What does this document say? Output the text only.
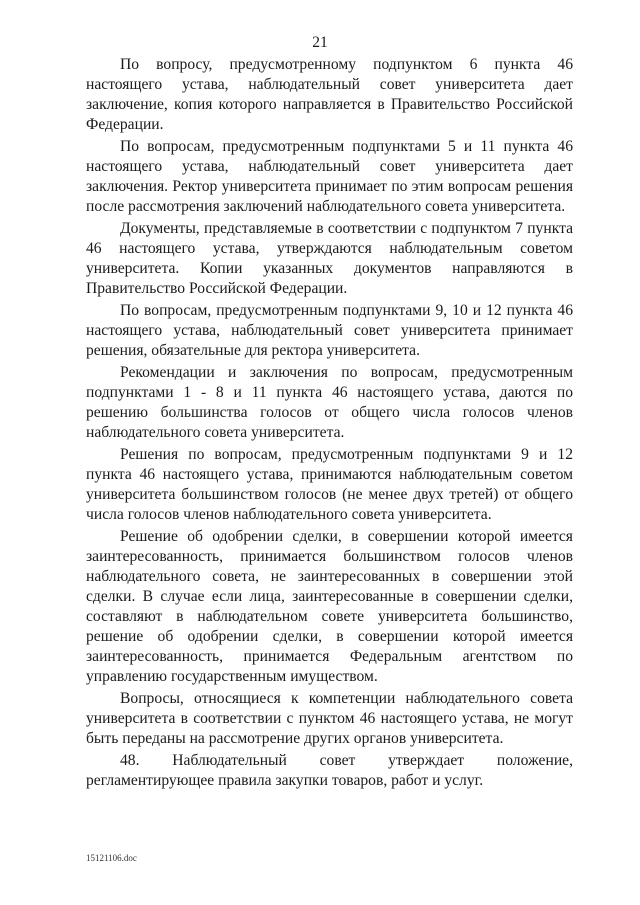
21

По вопросу, предусмотренному подпунктом 6 пункта 46 настоящего устава, наблюдательный совет университета дает заключение, копия которого направляется в Правительство Российской Федерации.

По вопросам, предусмотренным подпунктами 5 и 11 пункта 46 настоящего устава, наблюдательный совет университета дает заключения. Ректор университета принимает по этим вопросам решения после рассмотрения заключений наблюдательного совета университета.

Документы, представляемые в соответствии с подпунктом 7 пункта 46 настоящего устава, утверждаются наблюдательным советом университета. Копии указанных документов направляются в Правительство Российской Федерации.

По вопросам, предусмотренным подпунктами 9, 10 и 12 пункта 46 настоящего устава, наблюдательный совет университета принимает решения, обязательные для ректора университета.

Рекомендации и заключения по вопросам, предусмотренным подпунктами 1 - 8 и 11 пункта 46 настоящего устава, даются по решению большинства голосов от общего числа голосов членов наблюдательного совета университета.

Решения по вопросам, предусмотренным подпунктами 9 и 12 пункта 46 настоящего устава, принимаются наблюдательным советом университета большинством голосов (не менее двух третей) от общего числа голосов членов наблюдательного совета университета.

Решение об одобрении сделки, в совершении которой имеется заинтересованность, принимается большинством голосов членов наблюдательного совета, не заинтересованных в совершении этой сделки. В случае если лица, заинтересованные в совершении сделки, составляют в наблюдательном совете университета большинство, решение об одобрении сделки, в совершении которой имеется заинтересованность, принимается Федеральным агентством по управлению государственным имуществом.

Вопросы, относящиеся к компетенции наблюдательного совета университета в соответствии с пунктом 46 настоящего устава, не могут быть переданы на рассмотрение других органов университета.

48. Наблюдательный совет утверждает положение, регламентирующее правила закупки товаров, работ и услуг.

15121106.doc
